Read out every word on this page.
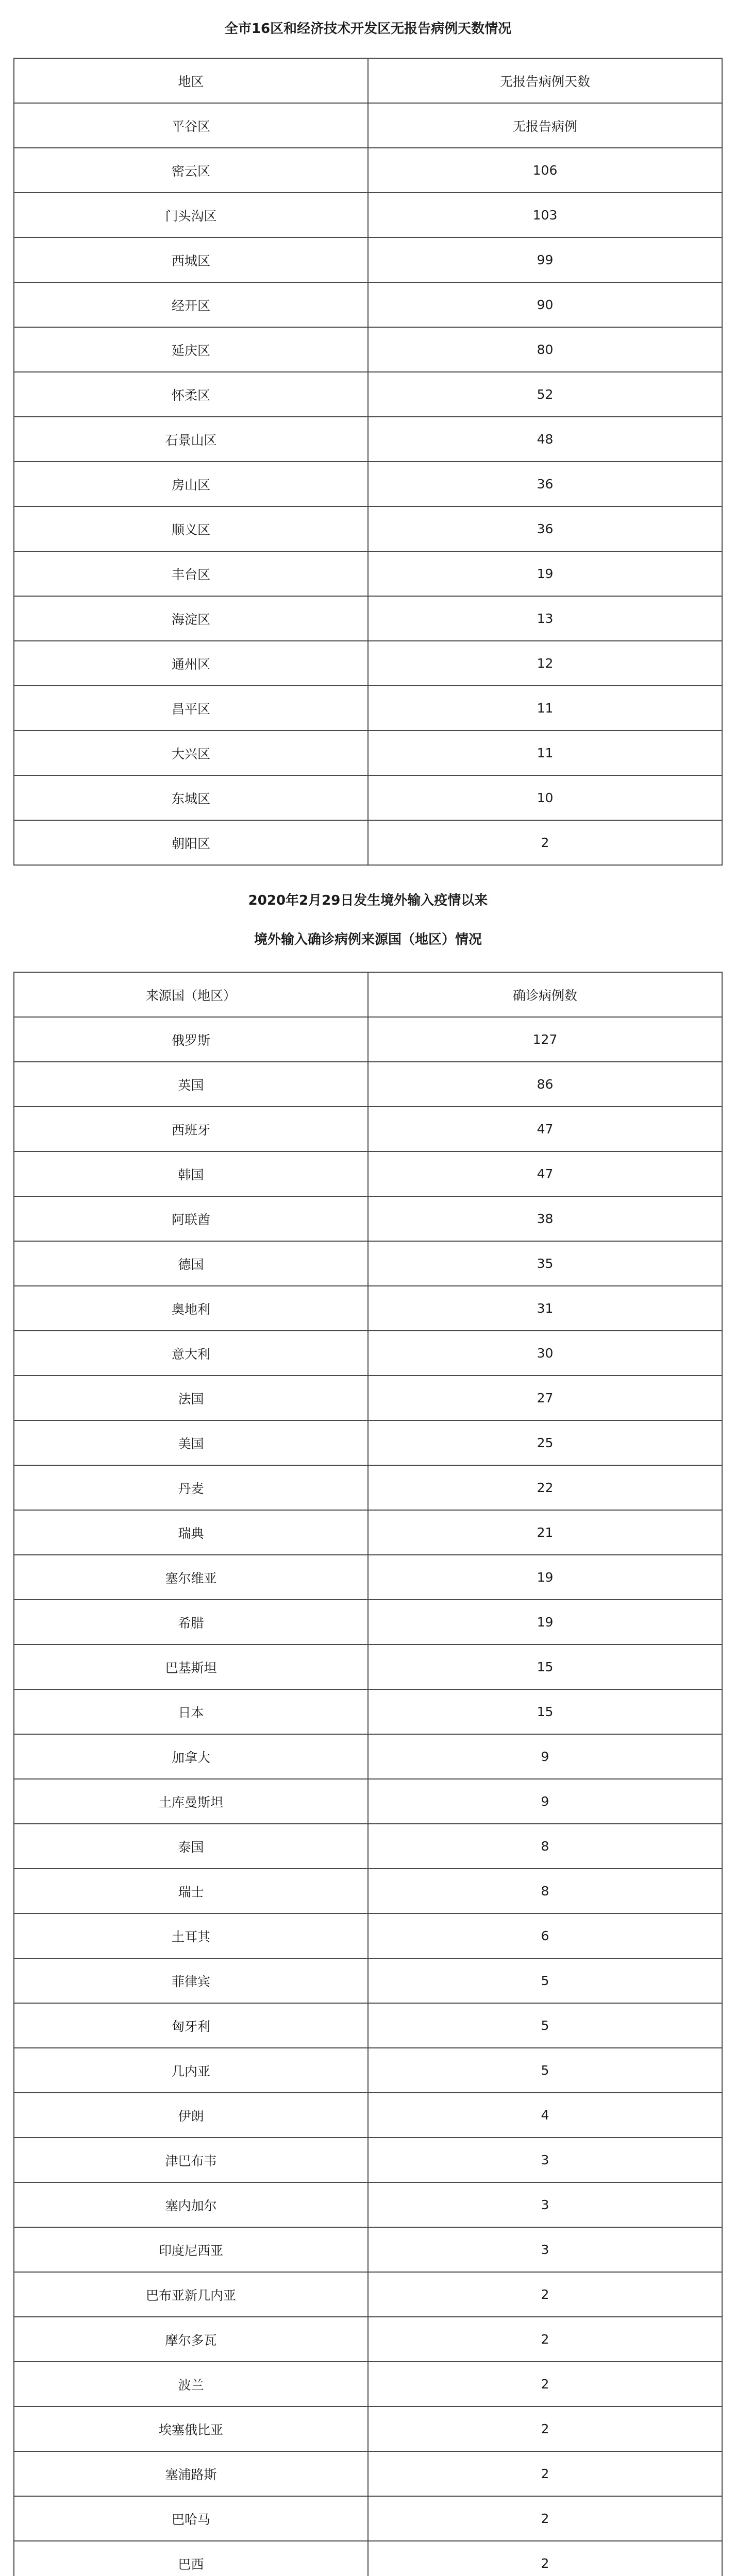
全市16区和经济技术开发区无报告病例天数情况
地区	无报告病例天数
平谷区	无报告病例
密云区	106
门头沟区	103
西城区	99
经开区	90
延庆区	80
怀柔区	52
石景山区	48
房山区	36
顺义区	36
丰台区	19
海淀区	13
通州区	12
昌平区	11
大兴区	11
东城区	10
朝阳区	2
2020年2月29日发生境外输入疫情以来
境外输入确诊病例来源国（地区）情况
来源国（地区）	确诊病例数
俄罗斯	127
英国	86
西班牙	47
韩国	47
阿联酋	38
德国	35
奥地利	31
意大利	30
法国	27
美国	25
丹麦	22
瑞典	21
塞尔维亚	19
希腊	19
巴基斯坦	15
日本	15
加拿大	9
土库曼斯坦	9
泰国	8
瑞士	8
土耳其	6
菲律宾	5
匈牙利	5
几内亚	5
伊朗	4
津巴布韦	3
塞内加尔	3
印度尼西亚	3
巴布亚新几内亚	2
摩尔多瓦	2
波兰	2
埃塞俄比亚	2
塞浦路斯	2
巴哈马	2
巴西	2
